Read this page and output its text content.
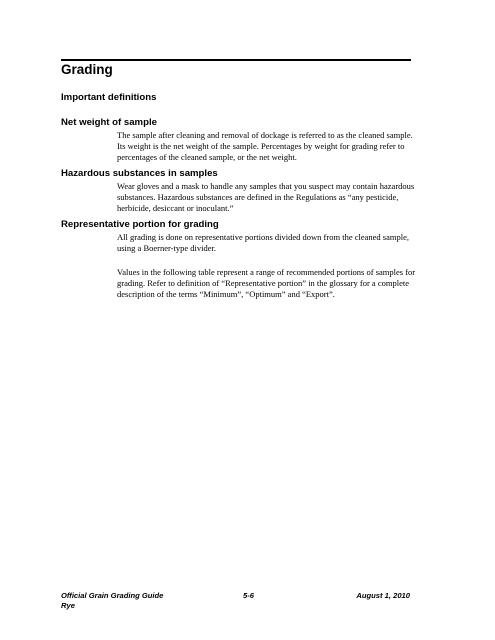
Grading
Important definitions
Net weight of sample
The sample after cleaning and removal of dockage is referred to as the cleaned sample. Its weight is the net weight of the sample. Percentages by weight for grading refer to percentages of the cleaned sample, or the net weight.
Hazardous substances in samples
Wear gloves and a mask to handle any samples that you suspect may contain hazardous substances. Hazardous substances are defined in the Regulations as “any pesticide, herbicide, desiccant or inoculant.”
Representative portion for grading
All grading is done on representative portions divided down from the cleaned sample, using a Boerner-type divider.
Values in the following table represent a range of recommended portions of samples for grading. Refer to definition of “Representative portion” in the glossary for a complete description of the terms “Minimum”, “Optimum” and “Export”.
Official Grain Grading Guide	5-6	August 1, 2010
Rye
